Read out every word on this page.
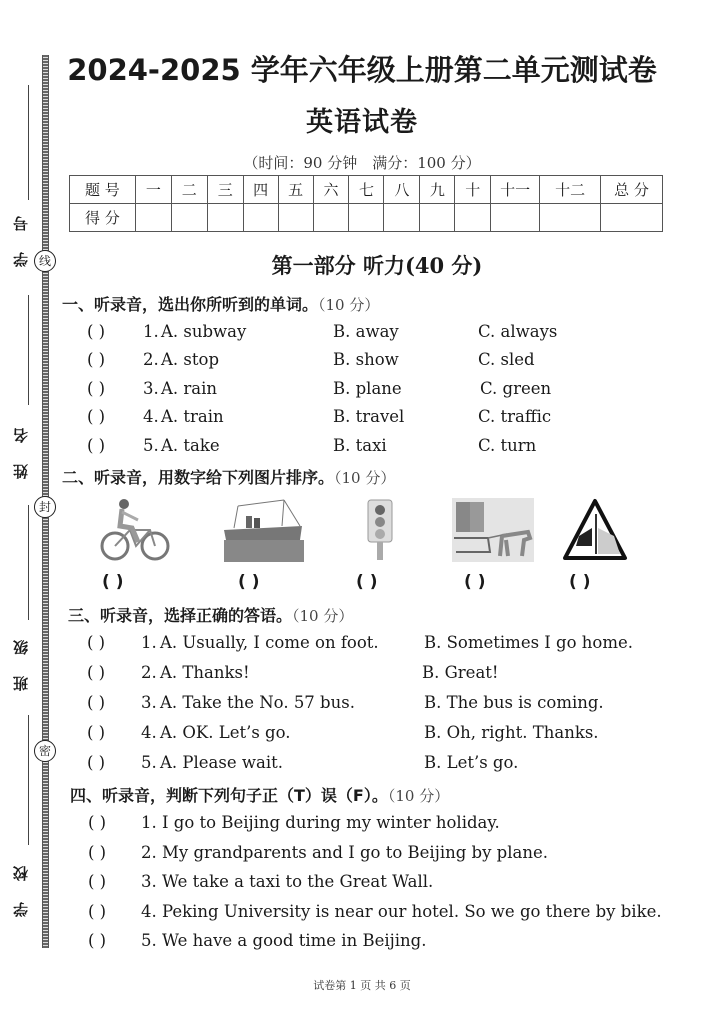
线
封
密
学 号
姓 名
班 级
学 校
2024-2025 学年六年级上册第二单元测试卷
英语试卷
（时间：90 分钟　满分：100 分）
题 号	一	二	三	四	五	六	七	八	九	十	十一	十二	总 分
得 分													
第一部分 听力(40 分)
一、听录音，选出你所听到的单词。（10 分）
( ) 1. A. subway	B. away	C. always
( ) 2. A. stop	B. show	C. sled
( ) 3. A. rain	B. plane	C. green
( ) 4. A. train	B. travel	C. traffic
( ) 5. A. take	B. taxi	C. turn
二、听录音，用数字给下列图片排序。（10 分）
( )	( )	( )	( )	( )
三、听录音，选择正确的答语。（10 分）
( ) 1. A. Usually, I come on foot.	B. Sometimes I go home.
( ) 2. A. Thanks!	B. Great!
( ) 3. A. Take the No. 57 bus.	B. The bus is coming.
( ) 4. A. OK. Let’s go.	B. Oh, right. Thanks.
( ) 5. A. Please wait.	B. Let’s go.
四、听录音，判断下列句子正（T）误（F）。（10 分）
( ) 1. I go to Beijing during my winter holiday.
( ) 2. My grandparents and I go to Beijing by plane.
( ) 3. We take a taxi to the Great Wall.
( ) 4. Peking University is near our hotel. So we go there by bike.
( ) 5. We have a good time in Beijing.
试卷第 1 页 共 6 页
